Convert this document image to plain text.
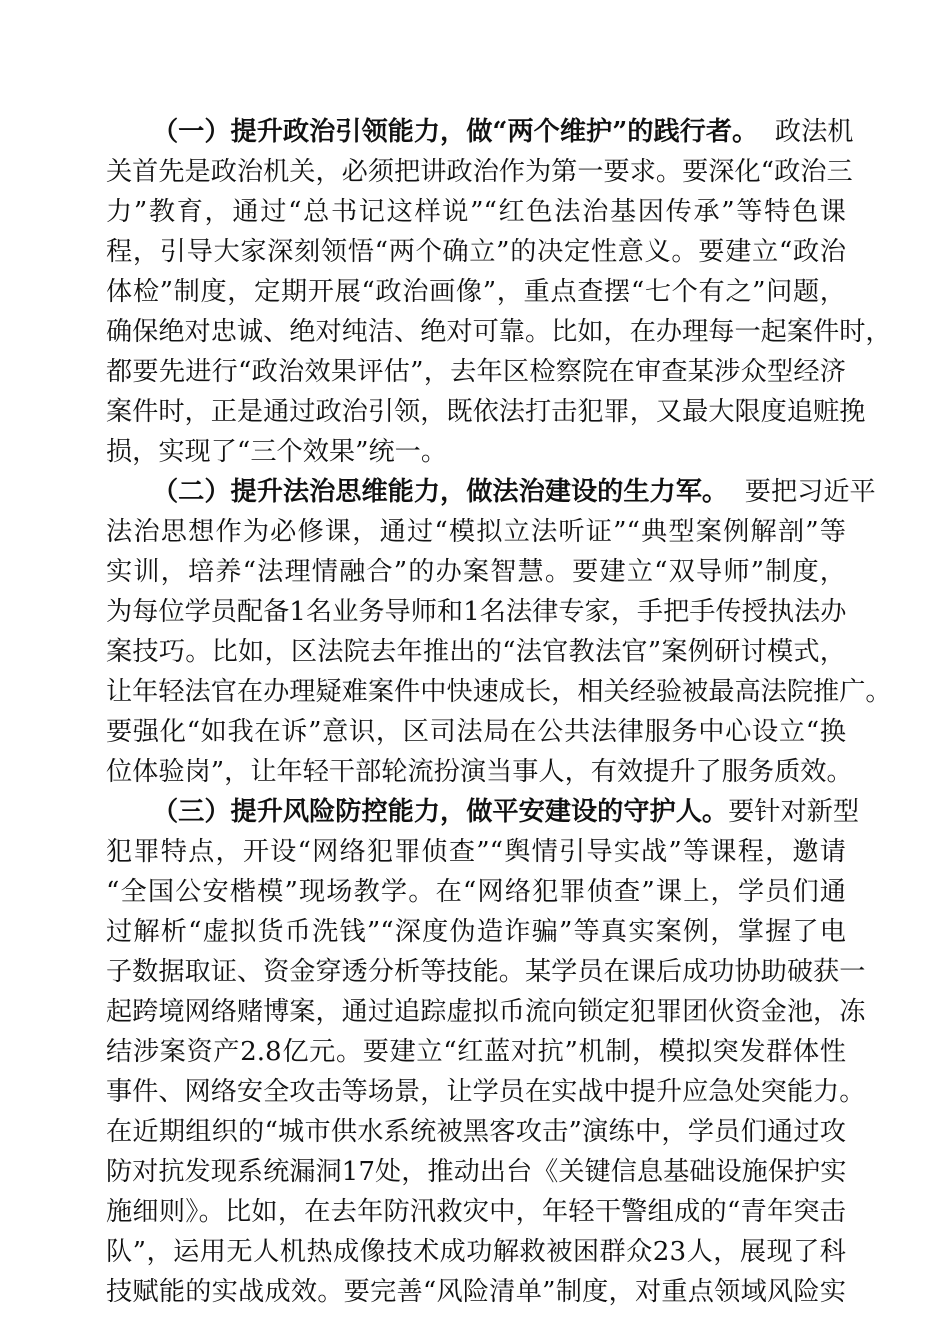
（一）提升政治引领能力，做“两个维护”的践行者。  政法机
关首先是政治机关，必须把讲政治作为第一要求。要深化“政治三
力”教育，通过“总书记这样说”“红色法治基因传承”等特色课
程，引导大家深刻领悟“两个确立”的决定性意义。要建立“政治
体检”制度，定期开展“政治画像”，重点查摆“七个有之”问题，
确保绝对忠诚、绝对纯洁、绝对可靠。比如，在办理每一起案件时，
都要先进行“政治效果评估”，去年区检察院在审查某涉众型经济
案件时，正是通过政治引领，既依法打击犯罪，又最大限度追赃挽
损，实现了“三个效果”统一。
（二）提升法治思维能力，做法治建设的生力军。  要把习近平
法治思想作为必修课，通过“模拟立法听证”“典型案例解剖”等
实训，培养“法理情融合”的办案智慧。要建立“双导师”制度，
为每位学员配备1名业务导师和1名法律专家，手把手传授执法办
案技巧。比如，区法院去年推出的“法官教法官”案例研讨模式，
让年轻法官在办理疑难案件中快速成长，相关经验被最高法院推广。
要强化“如我在诉”意识，区司法局在公共法律服务中心设立“换
位体验岗”，让年轻干部轮流扮演当事人，有效提升了服务质效。
（三）提升风险防控能力，做平安建设的守护人。要针对新型
犯罪特点，开设“网络犯罪侦查”“舆情引导实战”等课程，邀请
“全国公安楷模”现场教学。在“网络犯罪侦查”课上，学员们通
过解析“虚拟货币洗钱”“深度伪造诈骗”等真实案例，掌握了电
子数据取证、资金穿透分析等技能。某学员在课后成功协助破获一
起跨境网络赌博案，通过追踪虚拟币流向锁定犯罪团伙资金池，冻
结涉案资产2.8亿元。要建立“红蓝对抗”机制，模拟突发群体性
事件、网络安全攻击等场景，让学员在实战中提升应急处突能力。
在近期组织的“城市供水系统被黑客攻击”演练中，学员们通过攻
防对抗发现系统漏洞17处，推动出台《关键信息基础设施保护实
施细则》。比如，在去年防汛救灾中，年轻干警组成的“青年突击
队”，运用无人机热成像技术成功解救被困群众23人，展现了科
技赋能的实战成效。要完善“风险清单”制度，对重点领域风险实
